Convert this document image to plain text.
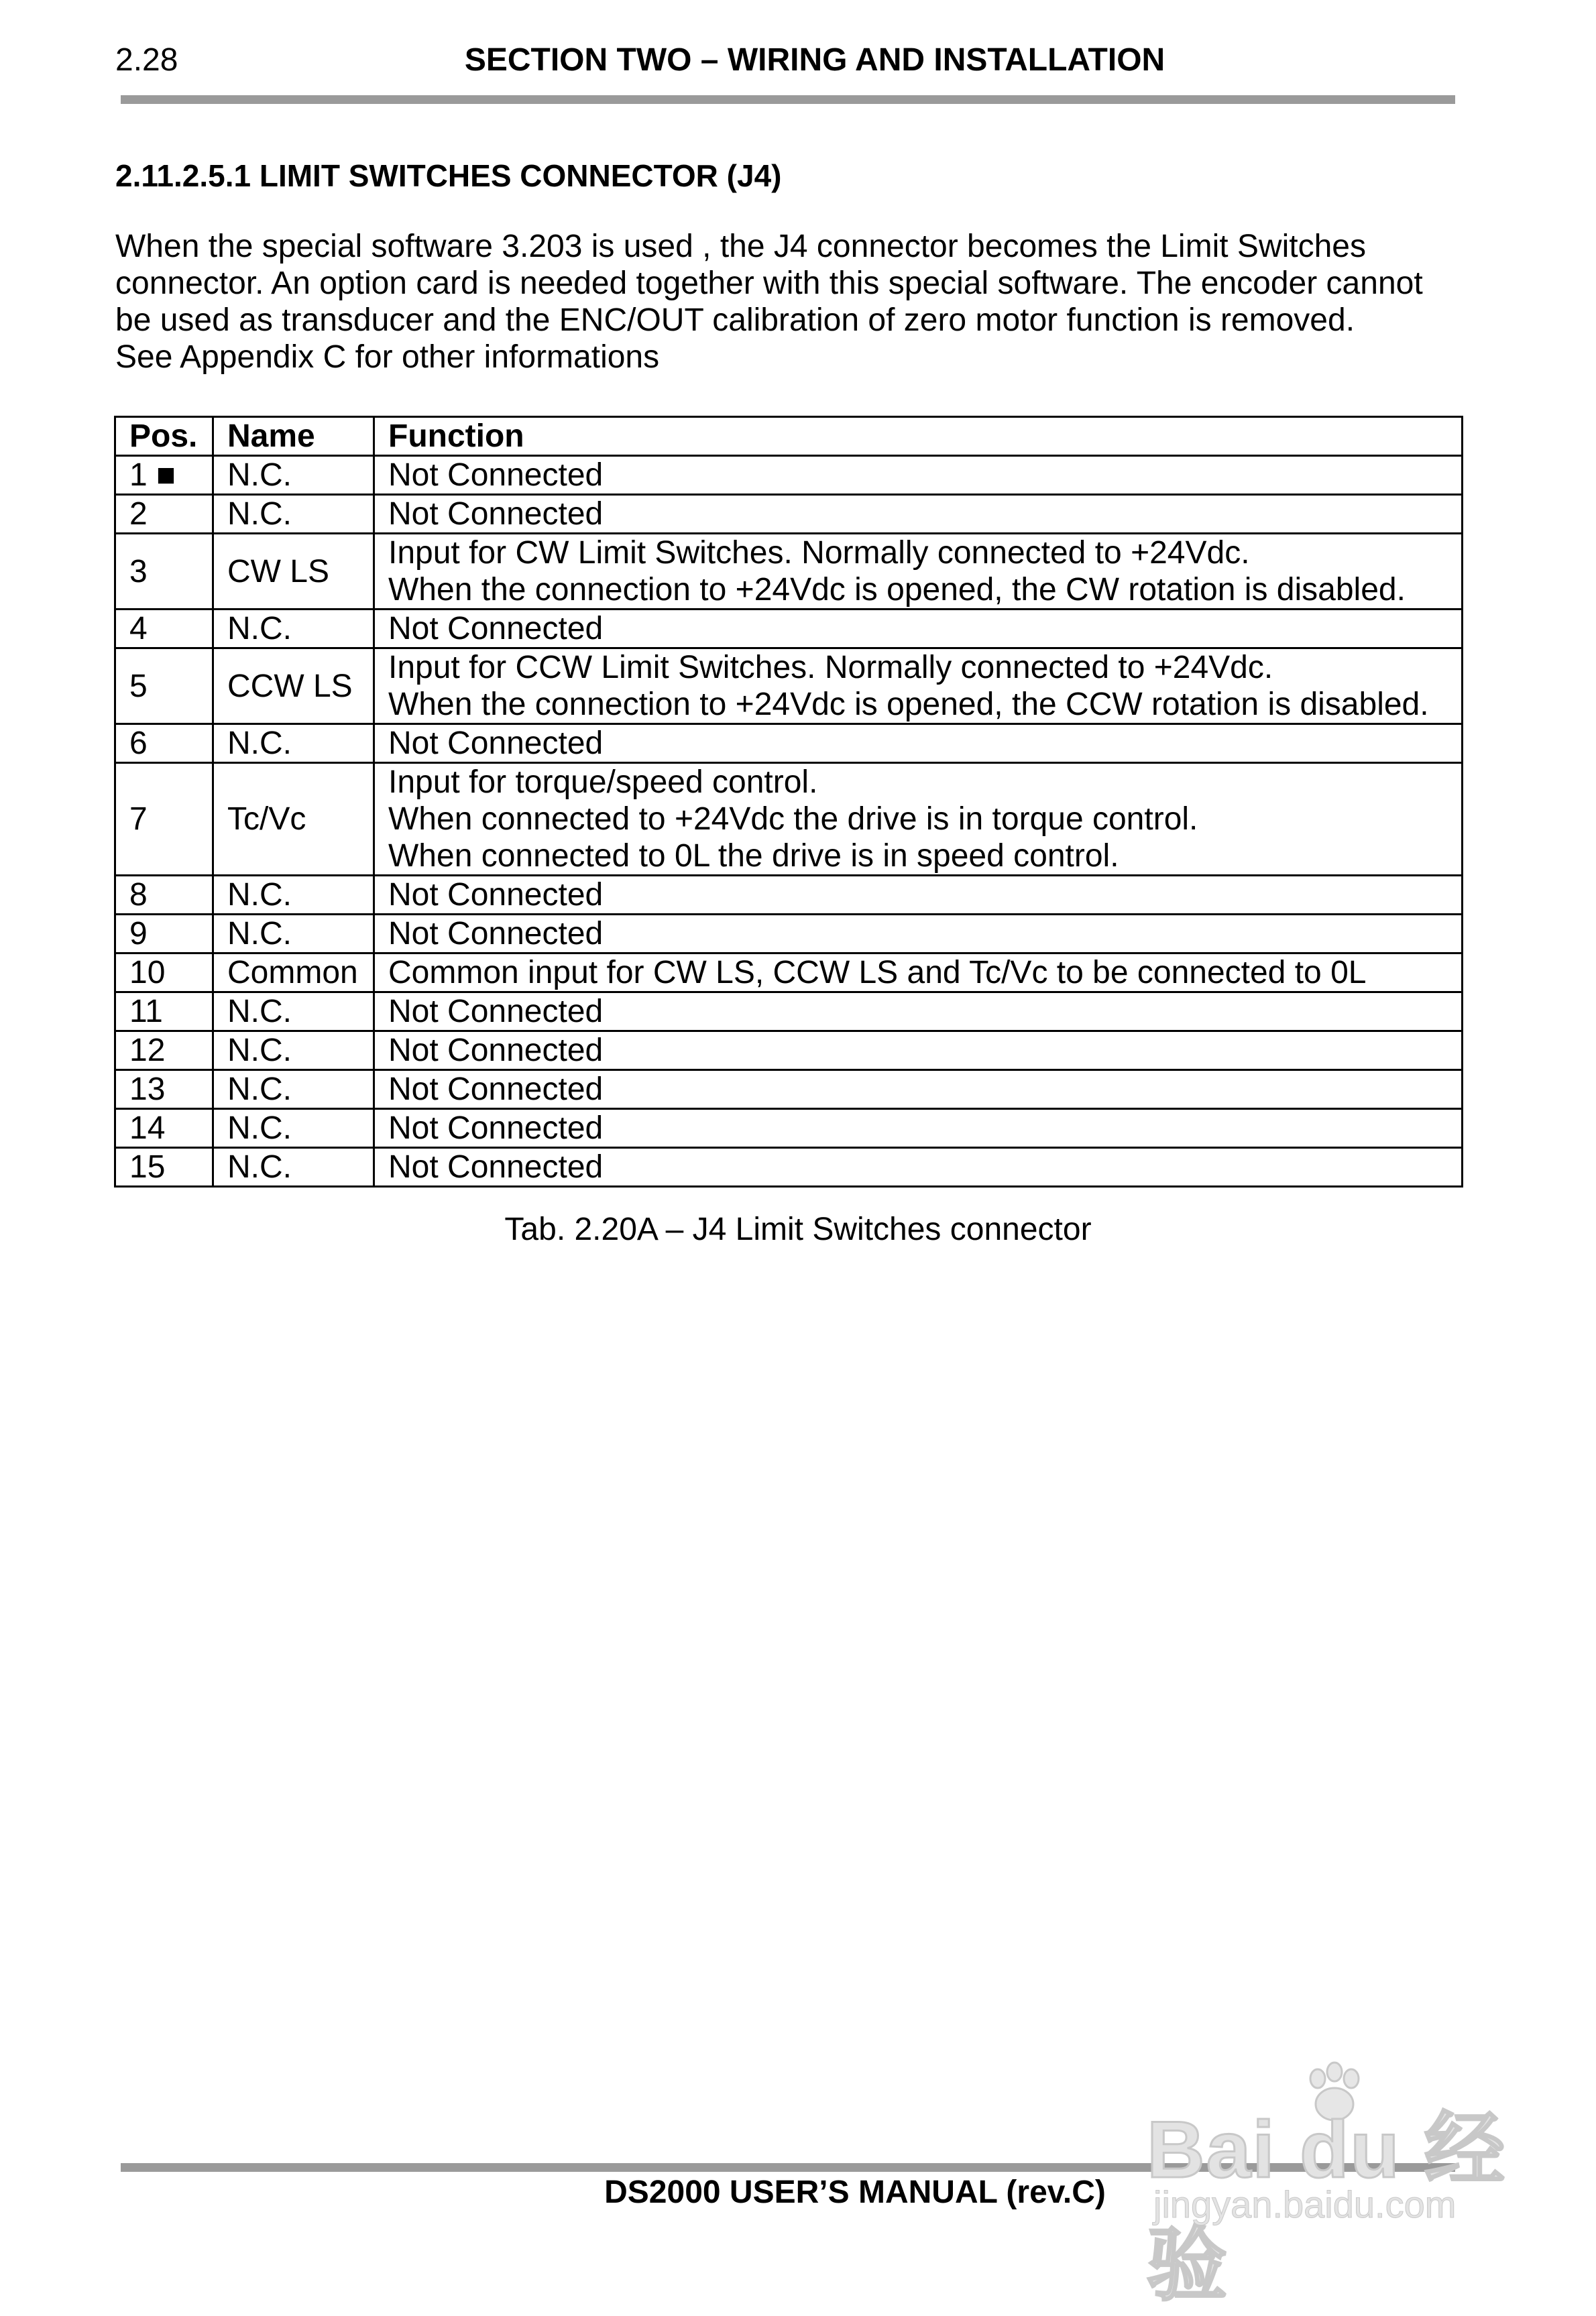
2.28	SECTION TWO – WIRING AND INSTALLATION
2.11.2.5.1 LIMIT SWITCHES CONNECTOR (J4)

When the special software 3.203 is used , the J4 connector becomes the Limit Switches

connector. An option card is needed together with this special software. The encoder cannot

be used as transducer and the ENC/OUT calibration of zero motor function is removed.

See Appendix C for other informations

Pos.	Name	Function
1 ■	N.C.	Not Connected

2	N.C.	Not Connected

3	CW LS	Input for CW Limit Switches. Normally connected to +24Vdc.
When the connection to +24Vdc is opened, the CW rotation is disabled.

4	N.C.	Not Connected

5	CCW LS	Input for CCW Limit Switches. Normally connected to +24Vdc.
When the connection to +24Vdc is opened, the CCW rotation is disabled.

6	N.C.	Not Connected

7	Tc/Vc	Input for torque/speed control.
When connected to +24Vdc the drive is in torque control.
When connected to 0L the drive is in speed control.

8	N.C.	Not Connected

9	N.C.	Not Connected

10	Common	Common input for CW LS, CCW LS and Tc/Vc to be connected to 0L

11	N.C.	Not Connected

12	N.C.	Not Connected

13	N.C.	Not Connected

14	N.C.	Not Connected

15	N.C.	Not Connected
Tab. 2.20A – J4 Limit Switches connector
DS2000 USER’S MANUAL (rev.C) Bai du 经验
jingyan.baidu.com
